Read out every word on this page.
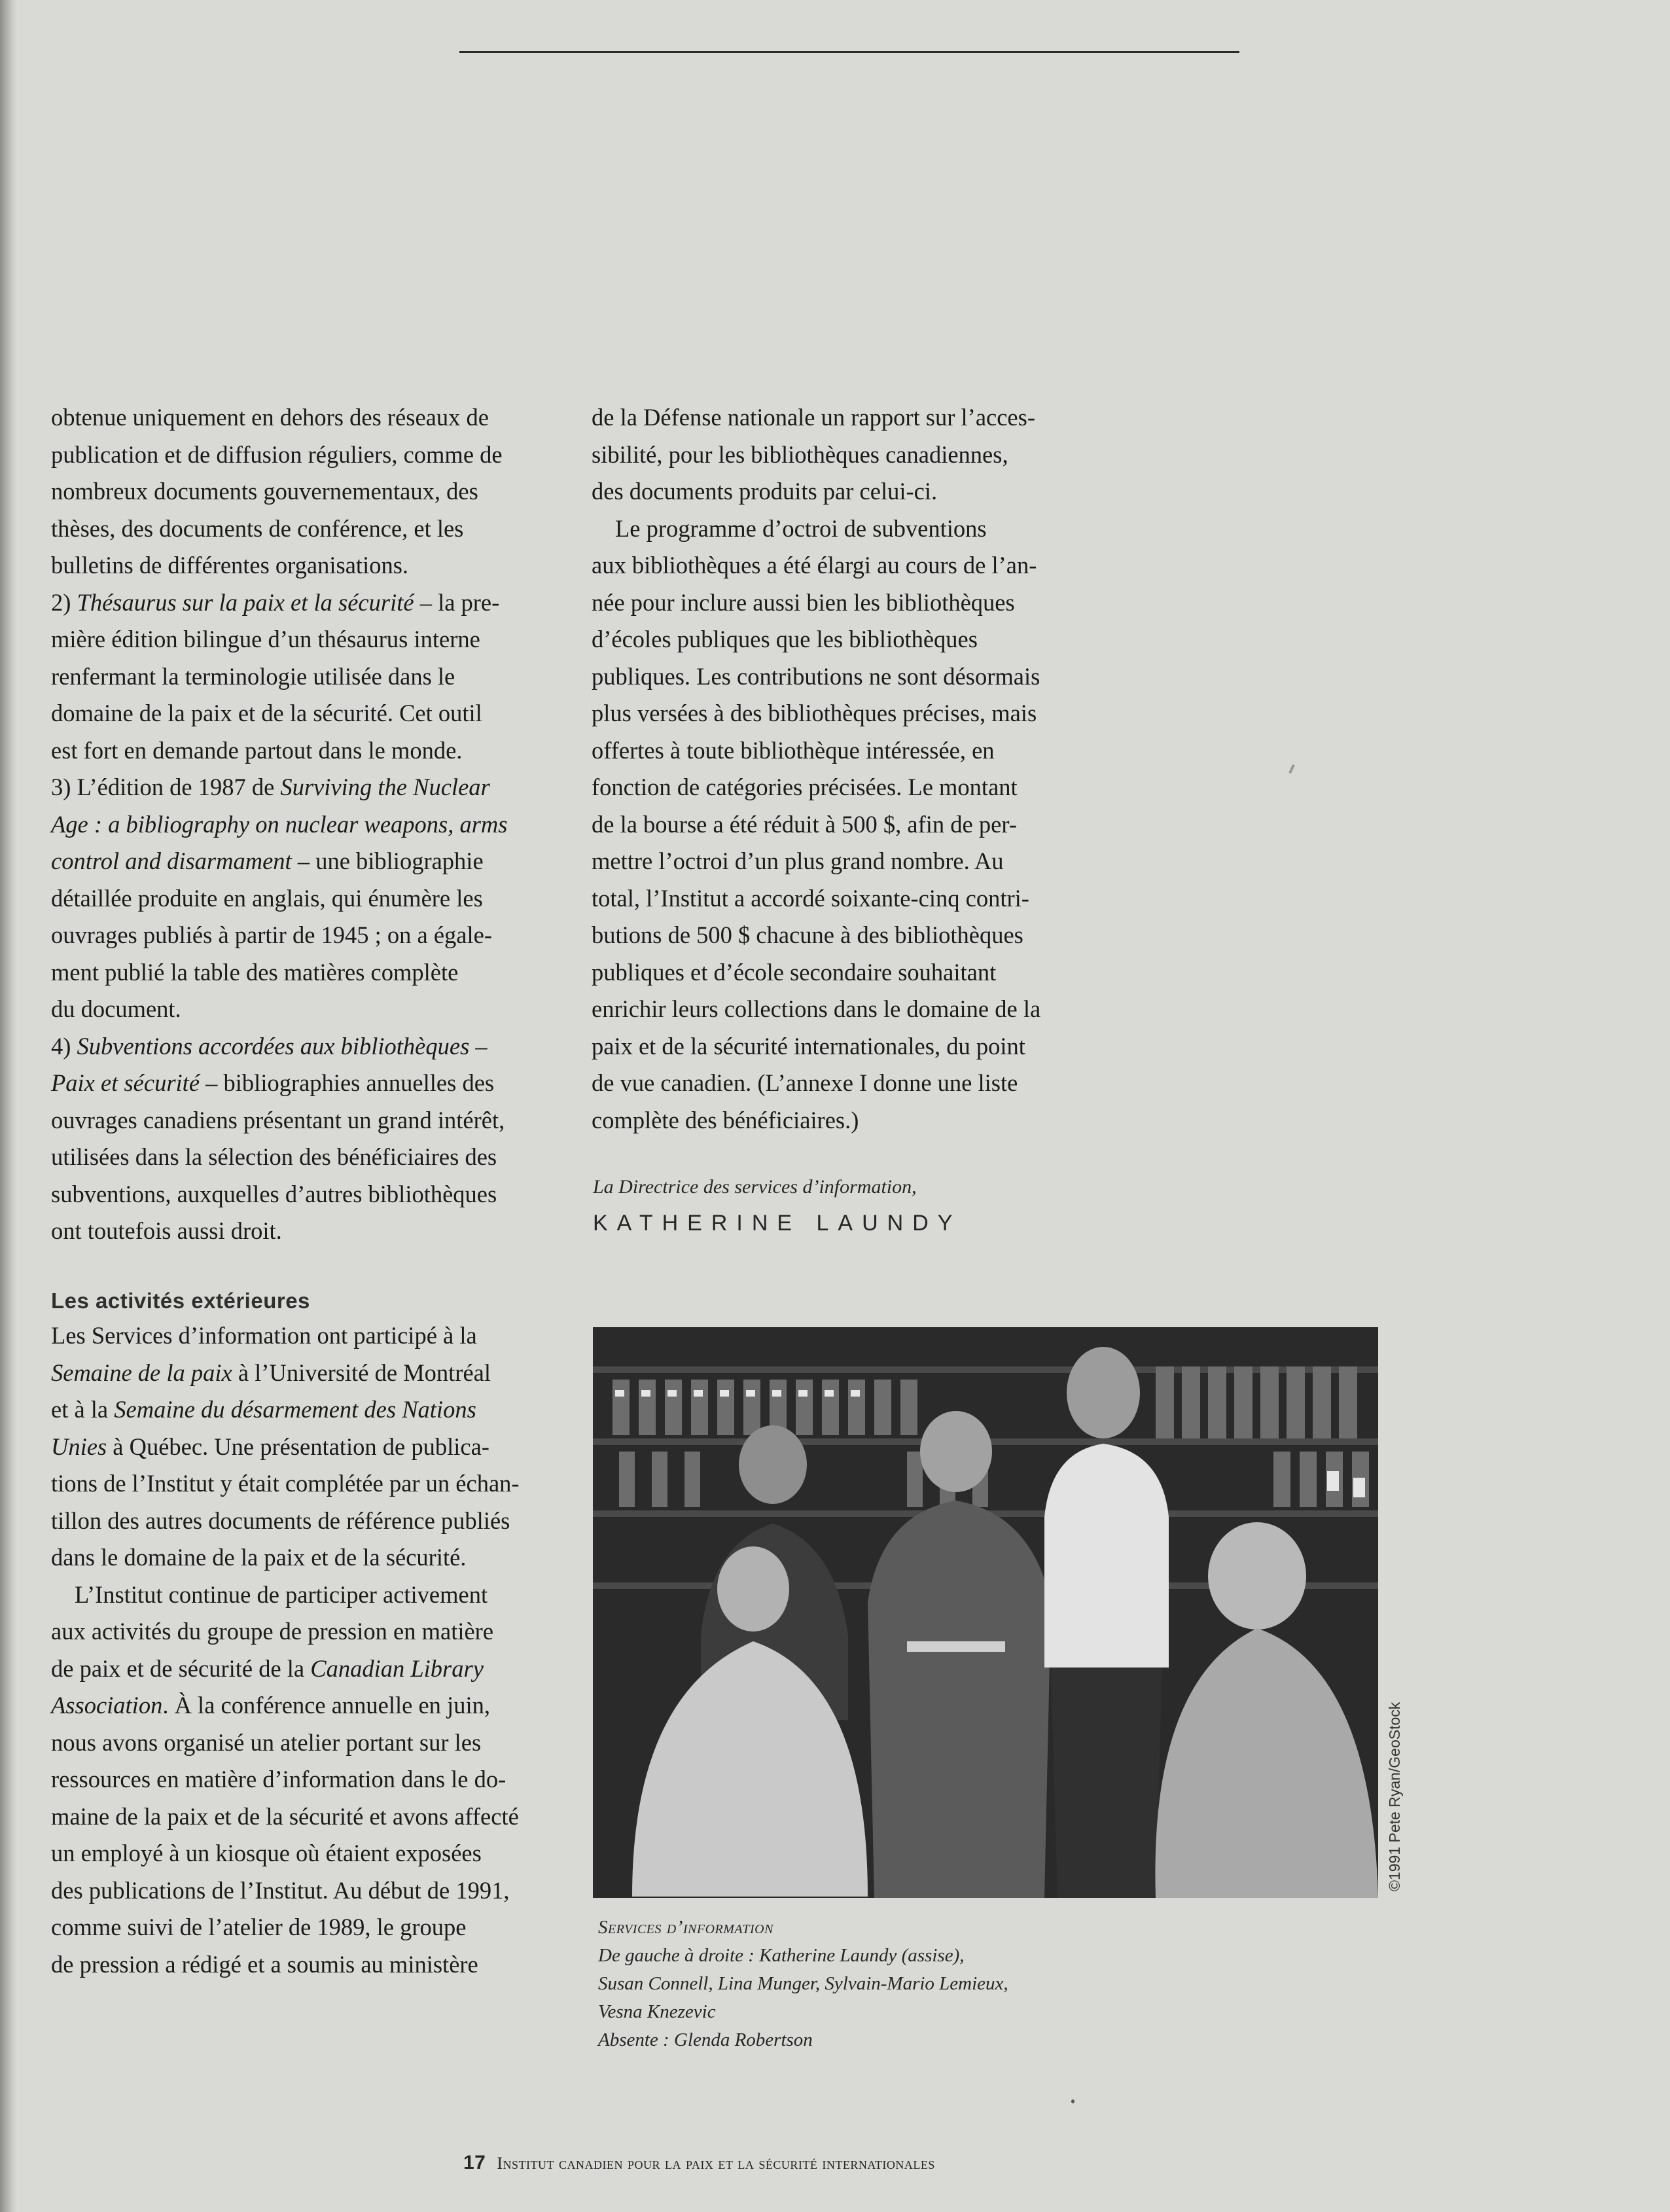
obtenue uniquement en dehors des réseaux de
publication et de diffusion réguliers, comme de
nombreux documents gouvernementaux, des
thèses, des documents de conférence, et les
bulletins de différentes organisations.

2) Thésaurus sur la paix et la sécurité – la pre-
mière édition bilingue d’un thésaurus interne
renfermant la terminologie utilisée dans le
domaine de la paix et de la sécurité. Cet outil
est fort en demande partout dans le monde.

3) L’édition de 1987 de Surviving the Nuclear
Age : a bibliography on nuclear weapons, arms
control and disarmament – une bibliographie
détaillée produite en anglais, qui énumère les
ouvrages publiés à partir de 1945 ; on a égale-
ment publié la table des matières complète
du document.

4) Subventions accordées aux bibliothèques –
Paix et sécurité – bibliographies annuelles des
ouvrages canadiens présentant un grand intérêt,
utilisées dans la sélection des bénéficiaires des
subventions, auxquelles d’autres bibliothèques
ont toutefois aussi droit.

de la Défense nationale un rapport sur l’acces-
sibilité, pour les bibliothèques canadiennes,
des documents produits par celui-ci.

Le programme d’octroi de subventions
aux bibliothèques a été élargi au cours de l’an-
née pour inclure aussi bien les bibliothèques
d’écoles publiques que les bibliothèques
publiques. Les contributions ne sont désormais
plus versées à des bibliothèques précises, mais
offertes à toute bibliothèque intéressée, en
fonction de catégories précisées. Le montant
de la bourse a été réduit à 500 $, afin de per-
mettre l’octroi d’un plus grand nombre. Au
total, l’Institut a accordé soixante-cinq contri-
butions de 500 $ chacune à des bibliothèques
publiques et d’école secondaire souhaitant
enrichir leurs collections dans le domaine de la
paix et de la sécurité internationales, du point
de vue canadien. (L’annexe I donne une liste
complète des bénéficiaires.)

La Directrice des services d’information,
KATHERINE LAUNDY
Les activités extérieures

Les Services d’information ont participé à la
Semaine de la paix à l’Université de Montréal
et à la Semaine du désarmement des Nations
Unies à Québec. Une présentation de publica-
tions de l’Institut y était complétée par un échan-
tillon des autres documents de référence publiés
dans le domaine de la paix et de la sécurité.

L’Institut continue de participer activement
aux activités du groupe de pression en matière
de paix et de sécurité de la Canadian Library
Association. À la conférence annuelle en juin,
nous avons organisé un atelier portant sur les
ressources en matière d’information dans le do-
maine de la paix et de la sécurité et avons affecté
un employé à un kiosque où étaient exposées
des publications de l’Institut. Au début de 1991,
comme suivi de l’atelier de 1989, le groupe
de pression a rédigé et a soumis au ministère

©1991 Pete Ryan/GeoStock
Services d’information
De gauche à droite : Katherine Laundy (assise),
Susan Connell, Lina Munger, Sylvain-Mario Lemieux,
Vesna Knezevic
Absente : Glenda Robertson
17 Institut canadien pour la paix et la sécurité internationales
